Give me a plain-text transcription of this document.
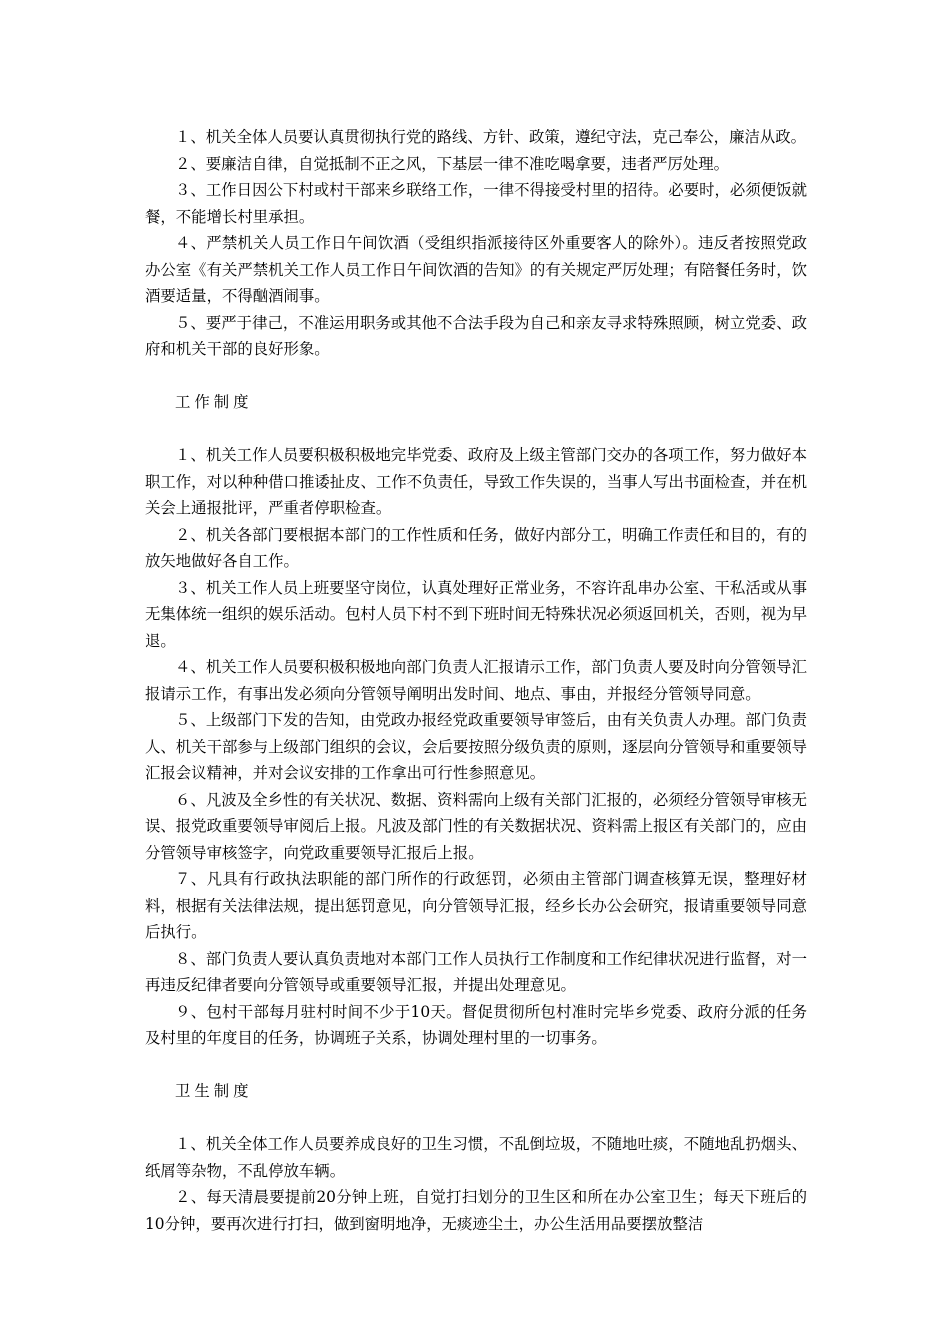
１、机关全体人员要认真贯彻执行党的路线、方针、政策，遵纪守法，克己奉公，廉洁从政。

２、要廉洁自律，自觉抵制不正之风，下基层一律不准吃喝拿要，违者严厉处理。

３、工作日因公下村或村干部来乡联络工作，一律不得接受村里的招待。必要时，必须便饭就餐，不能增长村里承担。

４、严禁机关人员工作日午间饮酒（受组织指派接待区外重要客人的除外）。违反者按照党政办公室《有关严禁机关工作人员工作日午间饮酒的告知》的有关规定严厉处理；有陪餐任务时，饮酒要适量，不得酗酒闹事。

５、要严于律己，不准运用职务或其他不合法手段为自己和亲友寻求特殊照顾，树立党委、政府和机关干部的良好形象。

工作制度

１、机关工作人员要积极积极地完毕党委、政府及上级主管部门交办的各项工作，努力做好本职工作，对以种种借口推诿扯皮、工作不负责任，导致工作失误的，当事人写出书面检查，并在机关会上通报批评，严重者停职检查。

２、机关各部门要根据本部门的工作性质和任务，做好内部分工，明确工作责任和目的，有的放矢地做好各自工作。

３、机关工作人员上班要坚守岗位，认真处理好正常业务，不容许乱串办公室、干私活或从事无集体统一组织的娱乐活动。包村人员下村不到下班时间无特殊状况必须返回机关，否则，视为早退。

４、机关工作人员要积极积极地向部门负责人汇报请示工作，部门负责人要及时向分管领导汇报请示工作，有事出发必须向分管领导阐明出发时间、地点、事由，并报经分管领导同意。

５、上级部门下发的告知，由党政办报经党政重要领导审签后，由有关负责人办理。部门负责人、机关干部参与上级部门组织的会议，会后要按照分级负责的原则，逐层向分管领导和重要领导汇报会议精神，并对会议安排的工作拿出可行性参照意见。

６、凡波及全乡性的有关状况、数据、资料需向上级有关部门汇报的，必须经分管领导审核无误、报党政重要领导审阅后上报。凡波及部门性的有关数据状况、资料需上报区有关部门的，应由分管领导审核签字，向党政重要领导汇报后上报。

７、凡具有行政执法职能的部门所作的行政惩罚，必须由主管部门调查核算无误，整理好材料，根据有关法律法规，提出惩罚意见，向分管领导汇报，经乡长办公会研究，报请重要领导同意后执行。

８、部门负责人要认真负责地对本部门工作人员执行工作制度和工作纪律状况进行监督，对一再违反纪律者要向分管领导或重要领导汇报，并提出处理意见。

９、包村干部每月驻村时间不少于10天。督促贯彻所包村准时完毕乡党委、政府分派的任务及村里的年度目的任务，协调班子关系，协调处理村里的一切事务。

卫生制度

１、机关全体工作人员要养成良好的卫生习惯，不乱倒垃圾，不随地吐痰，不随地乱扔烟头、纸屑等杂物，不乱停放车辆。

２、每天清晨要提前20分钟上班，自觉打扫划分的卫生区和所在办公室卫生；每天下班后的10分钟，要再次进行打扫，做到窗明地净，无痰迹尘土，办公生活用品要摆放整洁
